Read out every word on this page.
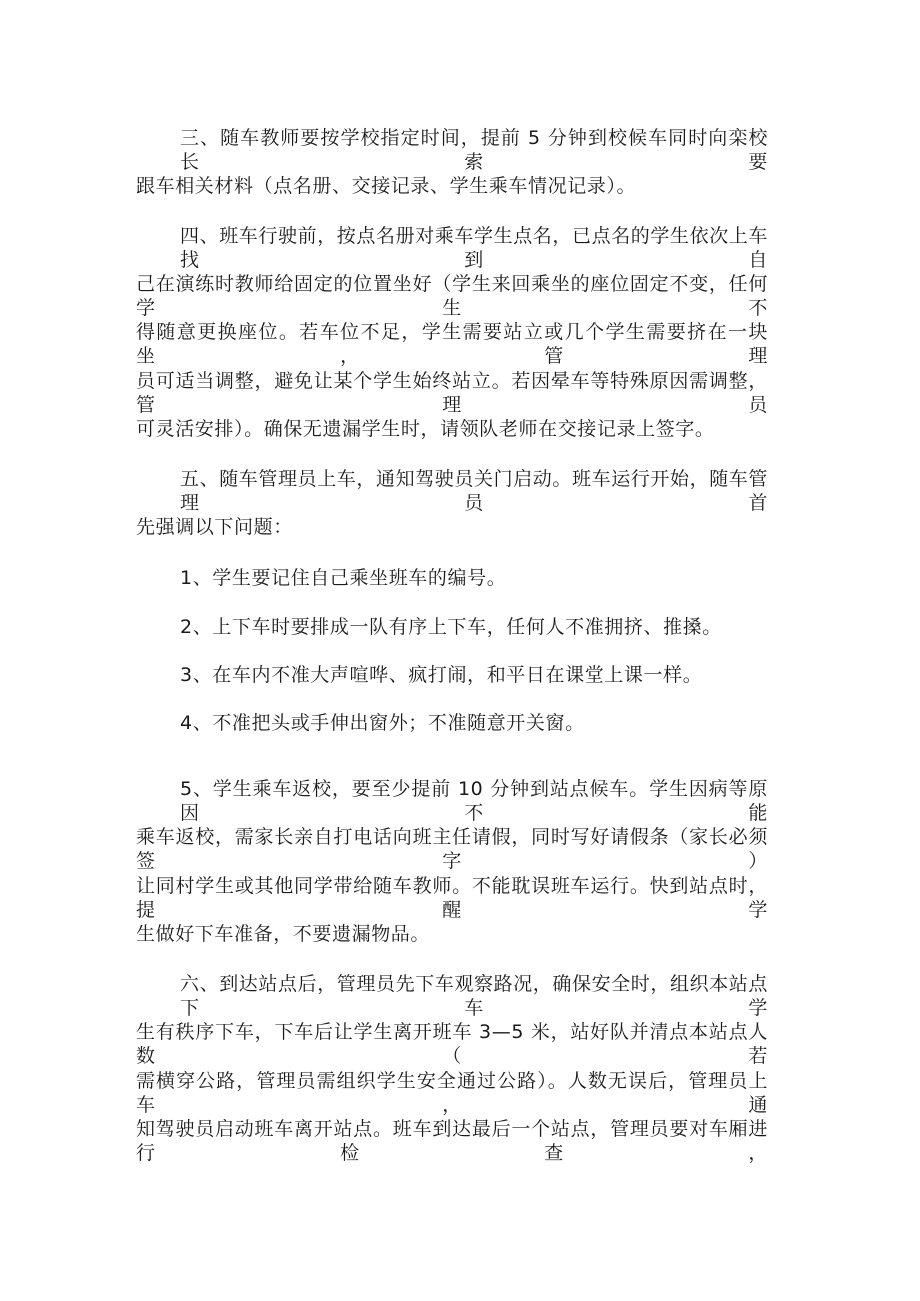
三、随车教师要按学校指定时间，提前 5 分钟到校候车同时向栾校长索要
跟车相关材料（点名册、交接记录、学生乘车情况记录）。
四、班车行驶前，按点名册对乘车学生点名，已点名的学生依次上车找到自
己在演练时教师给固定的位置坐好（学生来回乘坐的座位固定不变，任何学生不
得随意更换座位。若车位不足，学生需要站立或几个学生需要挤在一块坐，管理
员可适当调整，避免让某个学生始终站立。若因晕车等特殊原因需调整，管理员
可灵活安排）。确保无遗漏学生时，请领队老师在交接记录上签字。
五、随车管理员上车，通知驾驶员关门启动。班车运行开始，随车管理员首
先强调以下问题：
1、学生要记住自己乘坐班车的编号。
2、上下车时要排成一队有序上下车，任何人不准拥挤、推搡。
3、在车内不准大声喧哗、疯打闹，和平日在课堂上课一样。
4、不准把头或手伸出窗外；不准随意开关窗。
5、学生乘车返校，要至少提前 10 分钟到站点候车。学生因病等原因不能
乘车返校，需家长亲自打电话向班主任请假，同时写好请假条（家长必须签字）
让同村学生或其他同学带给随车教师。不能耽误班车运行。快到站点时，提醒学
生做好下车准备，不要遗漏物品。
六、到达站点后，管理员先下车观察路况，确保安全时，组织本站点下车学
生有秩序下车，下车后让学生离开班车 3—5 米，站好队并清点本站点人数（若
需横穿公路，管理员需组织学生安全通过公路）。人数无误后，管理员上车，通
知驾驶员启动班车离开站点。班车到达最后一个站点，管理员要对车厢进行检查，
